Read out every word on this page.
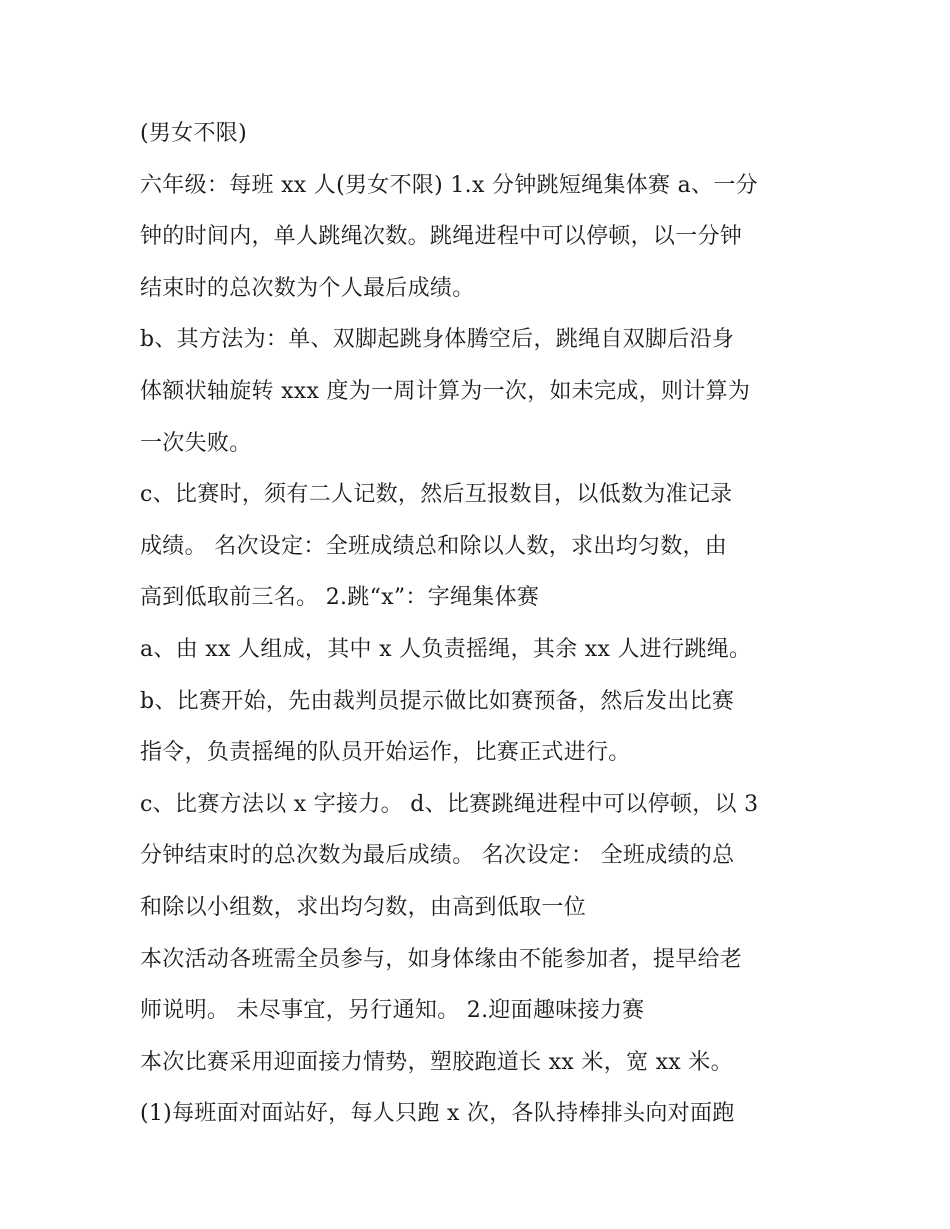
(男女不限)
六年级：每班 xx 人(男女不限) 1.x 分钟跳短绳集体赛 a、一分
钟的时间内，单人跳绳次数。跳绳进程中可以停顿，以一分钟
结束时的总次数为个人最后成绩。
b、其方法为：单、双脚起跳身体腾空后，跳绳自双脚后沿身
体额状轴旋转 xxx 度为一周计算为一次，如未完成，则计算为
一次失败。
c、比赛时，须有二人记数，然后互报数目，以低数为准记录
成绩。 名次设定：全班成绩总和除以人数，求出均匀数，由
高到低取前三名。 2.跳“x”：字绳集体赛
a、由 xx 人组成，其中 x 人负责摇绳，其余 xx 人进行跳绳。
b、比赛开始，先由裁判员提示做比如赛预备，然后发出比赛
指令，负责摇绳的队员开始运作，比赛正式进行。
c、比赛方法以 x 字接力。 d、比赛跳绳进程中可以停顿，以 3
分钟结束时的总次数为最后成绩。 名次设定： 全班成绩的总
和除以小组数，求出均匀数，由高到低取一位
本次活动各班需全员参与，如身体缘由不能参加者，提早给老
师说明。 未尽事宜，另行通知。 2.迎面趣味接力赛
本次比赛采用迎面接力情势，塑胶跑道长 xx 米，宽 xx 米。
(1)每班面对面站好，每人只跑 x 次，各队持棒排头向对面跑
